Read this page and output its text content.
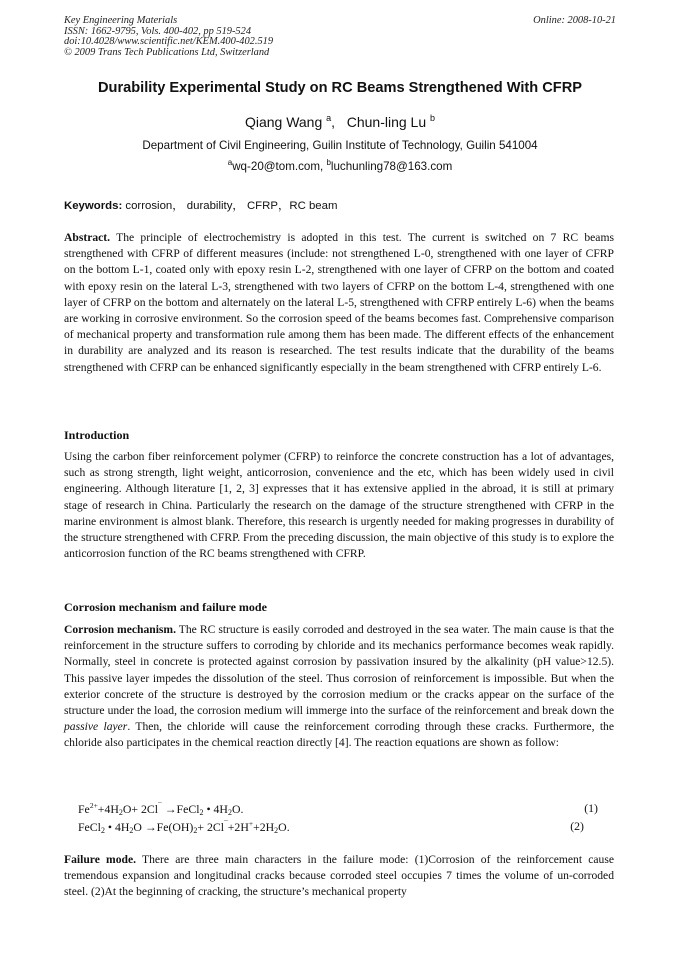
Key Engineering Materials
ISSN: 1662-9795, Vols. 400-402, pp 519-524
doi:10.4028/www.scientific.net/KEM.400-402.519
© 2009 Trans Tech Publications Ltd, Switzerland
Online: 2008-10-21
Durability Experimental Study on RC Beams Strengthened With CFRP
Qiang Wang $^a$,   Chun-ling Lu $^b$
Department of Civil Engineering, Guilin Institute of Technology, Guilin 541004
$^a$wq-20@tom.com, $^b$luchunling78@163.com
Keywords: corrosion， durability， CFRP，RC beam

Abstract. The principle of electrochemistry is adopted in this test. The current is switched on 7 RC beams strengthened with CFRP of different measures (include: not strengthened L-0, strengthened with one layer of CFRP on the bottom L-1, coated only with epoxy resin L-2, strengthened with one layer of CFRP on the bottom and coated with epoxy resin on the lateral L-3, strengthened with two layers of CFRP on the bottom L-4, strengthened with one layer of CFRP on the bottom and alternately on the lateral L-5, strengthened with CFRP entirely L-6) when the beams are working in corrosive environment. So the corrosion speed of the beams becomes fast. Comprehensive comparison of mechanical property and transformation rule among them has been made. The different effects of the enhancement in durability are analyzed and its reason is researched. The test results indicate that the durability of the beams strengthened with CFRP can be enhanced significantly especially in the beam strengthened with CFRP entirely L-6.

Introduction

Using the carbon fiber reinforcement polymer (CFRP) to reinforce the concrete construction has a lot of advantages, such as strong strength, light weight, anticorrosion, convenience and the etc, which has been widely used in civil engineering. Although literature [1, 2, 3] expresses that it has extensive applied in the abroad, it is still at primary stage of research in China. Particularly the research on the damage of the structure strengthened with CFRP in the marine environment is almost blank. Therefore, this research is urgently needed for making progresses in durability of the structure strengthened with CFRP. From the preceding discussion, the main objective of this study is to explore the anticorrosion function of the RC beams strengthened with CFRP.

Corrosion mechanism and failure mode

Corrosion mechanism. The RC structure is easily corroded and destroyed in the sea water. The main cause is that the reinforcement in the structure suffers to corroding by chloride and its mechanics performance becomes weak rapidly. Normally, steel in concrete is protected against corrosion by passivation insured by the alkalinity (pH value>12.5). This passive layer impedes the dissolution of the steel. Thus corrosion of reinforcement is impossible. But when the exterior concrete of the structure is destroyed by the corrosion medium or the cracks appear on the surface of the structure under the load, the corrosion medium will immerge into the surface of the reinforcement and break down the passive layer. Then, the chloride will cause the reinforcement corroding through these cracks. Furthermore, the chloride also participates in the chemical reaction directly [4]. The reaction equations are shown as follow:

$Fe^{2+}+4H_2O+ 2Cl^¯$ →FeCl$_2$ • $4H_2O$.	(1)
FeCl$_2$ • $4H_2O \to Fe(OH)_2+ 2Cl^¯+2H^++2H_2O$.	(2)

Failure mode. There are three main characters in the failure mode: (1)Corrosion of the reinforcement cause tremendous expansion and longitudinal cracks because corroded steel occupies 7 times the volume of un-corroded steel. (2)At the beginning of cracking, the structure’s mechanical property
